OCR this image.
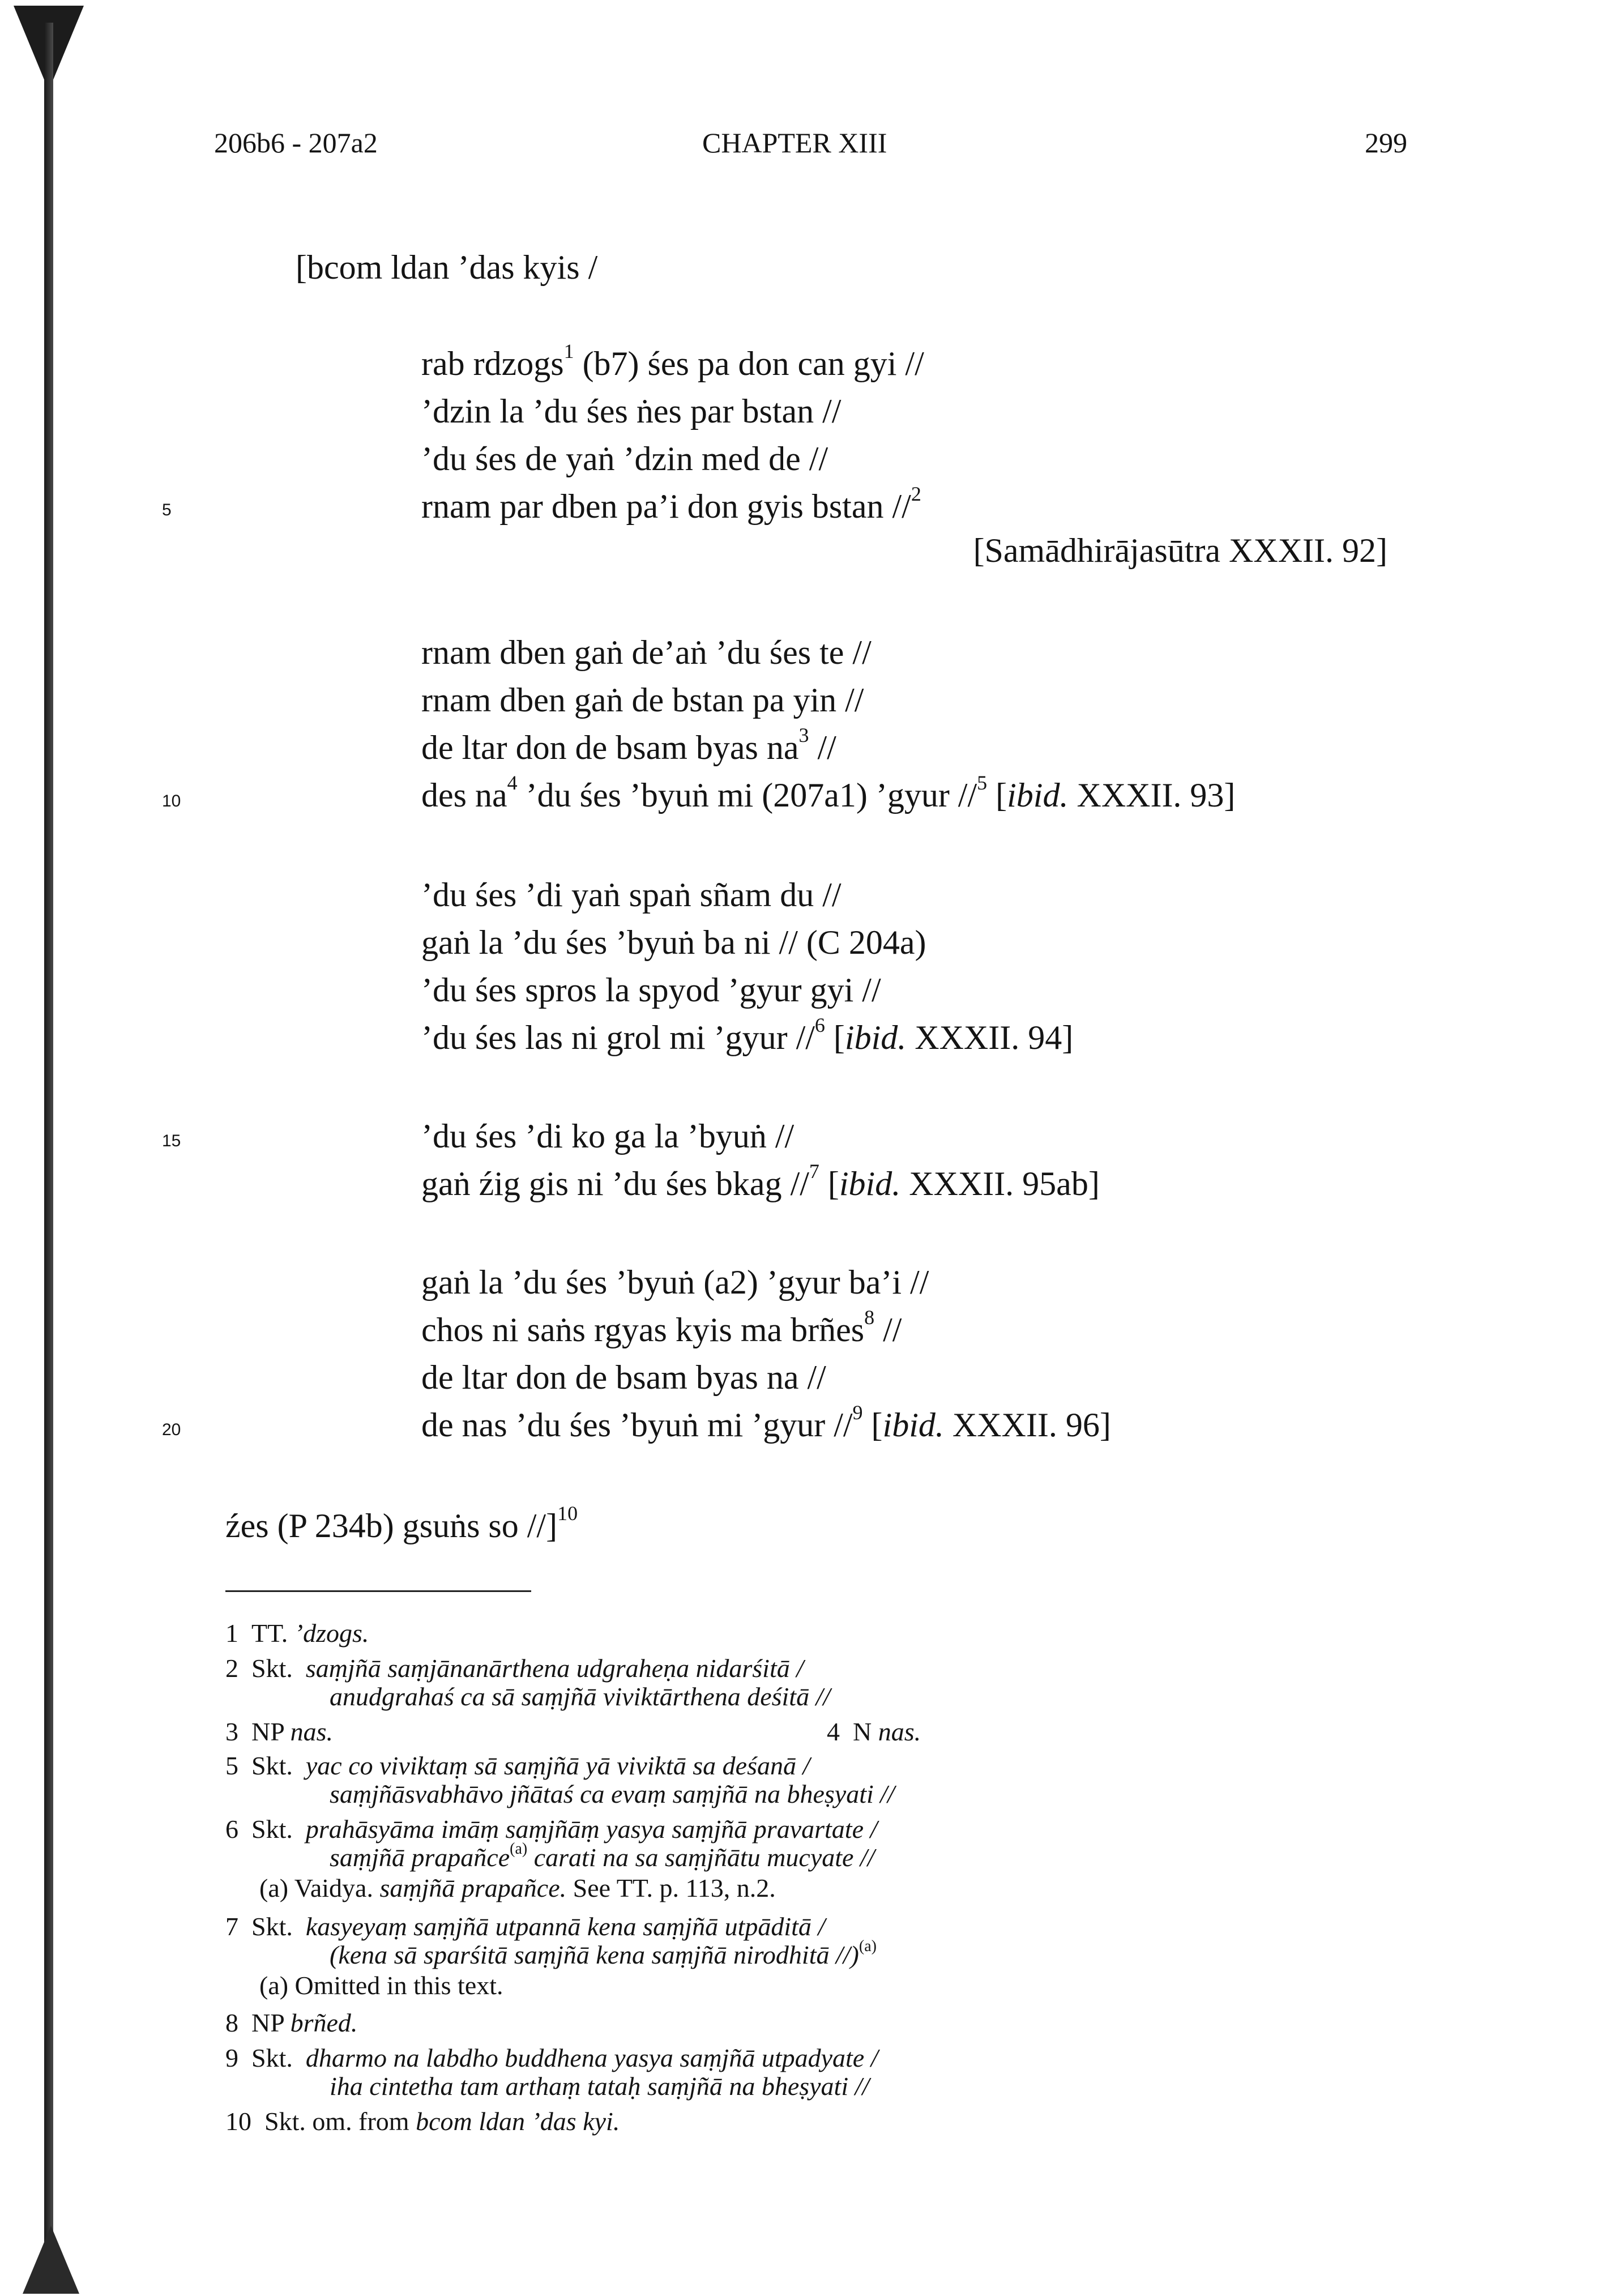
206b6 - 207a2	CHAPTER XIII	299
5
10
15
20
[bcom ldan ’das kyis /
rab rdzogs$^1$ (b7) śes pa don can gyi //
’dzin la ’du śes ṅes par bstan //
’du śes de yaṅ ’dzin med de //
rnam par dben pa’i don gyis bstan //$^2$
[Samādhirājasūtra XXXII. 92]
rnam dben gaṅ de’aṅ ’du śes te //
rnam dben gaṅ de bstan pa yin //
de ltar don de bsam byas $na^3$ //
des $na^4$ ’du śes ’byuṅ mi (207a1) ’gyur //$^5$ [ibid. XXXII. 93]
’du śes ’di yaṅ spaṅ sñam du //
gaṅ la ’du śes ’byuṅ ba ni // (C 204a)
’du śes spros la spyod ’gyur gyi //
’du śes las ni grol mi ’gyur //$^6$ [ibid. XXXII. 94]
’du śes ’di ko ga la ’byuṅ //
gaṅ źig gis ni ’du śes bkag //$^7$ [ibid. XXXII. 95ab]
gaṅ la ’du śes ’byuṅ (a2) ’gyur ba’i //
chos ni saṅs rgyas kyis ma brñes$^8$ //
de ltar don de bsam byas na //
de nas ’du śes ’byuṅ mi ’gyur //$^9$ [ibid. XXXII. 96]
źes (P 234b) gsuṅs so //]$^{10}$
1 TT. ’dzogs.
2 Skt. saṃjñā saṃjānanārthena udgraheṇa nidarśitā /
anudgrahaś ca sā saṃjñā viviktārthena deśitā //
3 NP nas.	4 N nas.
5 Skt. yac co viviktaṃ sā saṃjñā yā viviktā sa deśanā /
saṃjñāsvabhāvo jñātaś ca evaṃ saṃjñā na bheṣyati //
6 Skt. prahāsyāma imāṃ saṃjñāṃ yasya saṃjñā pravartate /
saṃjñā prapañce$^{(a)}$ carati na sa saṃjñātu mucyate //
(a) Vaidya. saṃjñā prapañce. See TT. p. 113, n.2.
7 Skt. kasyeyaṃ saṃjñā utpannā kena saṃjñā utpāditā /
(kena sā sparśitā saṃjñā kena saṃjñā nirodhitā //)$^{(a)}$
(a) Omitted in this text.
8 NP brñed.
9 Skt. dharmo na labdho buddhena yasya saṃjñā utpadyate /
iha cintetha tam arthaṃ tataḥ saṃjñā na bheṣyati //
10 Skt. om. from bcom ldan ’das kyi.
